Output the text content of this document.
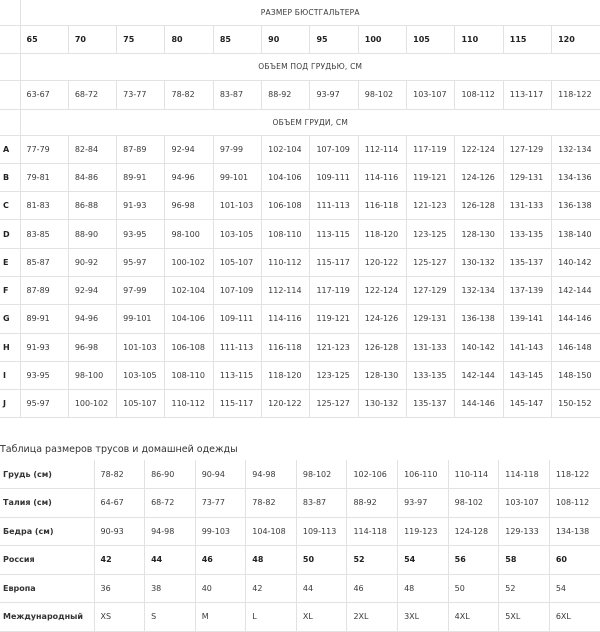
	РАЗМЕР БЮСТГАЛЬТЕРА											
	65	70	75	80	85	90	95	100	105	110	115	120
	ОБЪЕМ ПОД ГРУДЬЮ, СМ											
	63-67	68-72	73-77	78-82	83-87	88-92	93-97	98-102	103-107	108-112	113-117	118-122
	ОБЪЕМ ГРУДИ, СМ											
A	77-79	82-84	87-89	92-94	97-99	102-104	107-109	112-114	117-119	122-124	127-129	132-134
B	79-81	84-86	89-91	94-96	99-101	104-106	109-111	114-116	119-121	124-126	129-131	134-136
C	81-83	86-88	91-93	96-98	101-103	106-108	111-113	116-118	121-123	126-128	131-133	136-138
D	83-85	88-90	93-95	98-100	103-105	108-110	113-115	118-120	123-125	128-130	133-135	138-140
E	85-87	90-92	95-97	100-102	105-107	110-112	115-117	120-122	125-127	130-132	135-137	140-142
F	87-89	92-94	97-99	102-104	107-109	112-114	117-119	122-124	127-129	132-134	137-139	142-144
G	89-91	94-96	99-101	104-106	109-111	114-116	119-121	124-126	129-131	136-138	139-141	144-146
H	91-93	96-98	101-103	106-108	111-113	116-118	121-123	126-128	131-133	140-142	141-143	146-148
I	93-95	98-100	103-105	108-110	113-115	118-120	123-125	128-130	133-135	142-144	143-145	148-150
J	95-97	100-102	105-107	110-112	115-117	120-122	125-127	130-132	135-137	144-146	145-147	150-152
Таблица размеров трусов и домашней одежды
Грудь (см)	78-82	86-90	90-94	94-98	98-102	102-106	106-110	110-114	114-118	118-122
Талия (см)	64-67	68-72	73-77	78-82	83-87	88-92	93-97	98-102	103-107	108-112
Бедра (см)	90-93	94-98	99-103	104-108	109-113	114-118	119-123	124-128	129-133	134-138
Россия	42	44	46	48	50	52	54	56	58	60
Европа	36	38	40	42	44	46	48	50	52	54
Международный	XS	S	M	L	XL	2XL	3XL	4XL	5XL	6XL
